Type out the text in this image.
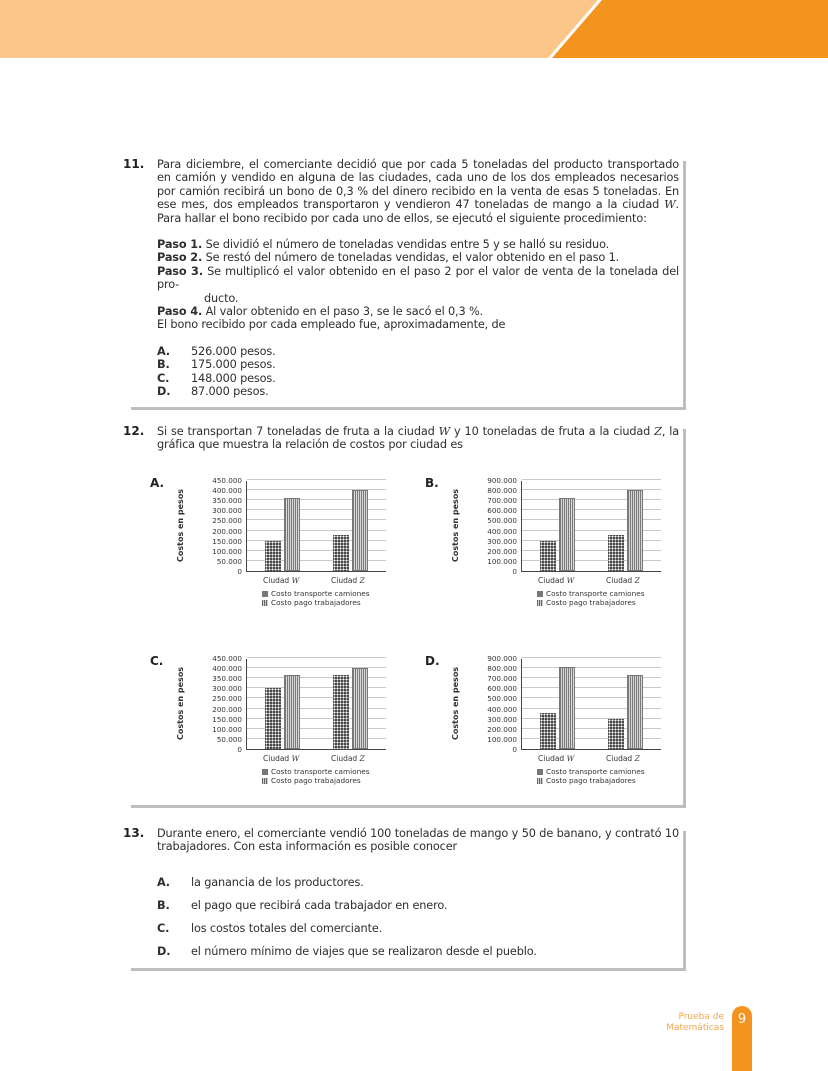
11. Para diciembre, el comerciante decidió que por cada 5 toneladas del producto transportado en camión y vendido en alguna de las ciudades, cada uno de los dos empleados necesarios por camión recibirá un bono de 0,3 % del dinero recibido en la venta de esas 5 toneladas. En ese mes, dos empleados transportaron y vendieron 47 toneladas de mango a la ciudad W. Para hallar el bono recibido por cada uno de ellos, se ejecutó el siguiente procedimiento:
Paso 1. Se dividió el número de toneladas vendidas entre 5 y se halló su residuo.
Paso 2. Se restó del número de toneladas vendidas, el valor obtenido en el paso 1.
Paso 3. Se multiplicó el valor obtenido en el paso 2 por el valor de venta de la tonelada del pro-
ducto.
Paso 4. Al valor obtenido en el paso 3, se le sacó el 0,3 %.
El bono recibido por cada empleado fue, aproximadamente, de
A.	526.000 pesos.
B.	175.000 pesos.
C.	148.000 pesos.
D.	87.000 pesos.
12. Si se transportan 7 toneladas de fruta a la ciudad W y 10 toneladas de fruta a la ciudad Z, la gráfica que muestra la relación de costos por ciudad es
A.
Costos en pesos
450.000
400.000
350.000
300.000
250.000
200.000
150.000
100.000
50.000
0
Ciudad W	Ciudad Z
Costo transporte camiones
Costo pago trabajadores
B.
Costos en pesos
900.000
800.000
700.000
600.000
500.000
400.000
300.000
200.000
100.000
0
Ciudad W	Ciudad Z
Costo transporte camiones
Costo pago trabajadores
C.
Costos en pesos
450.000
400.000
350.000
300.000
250.000
200.000
150.000
100.000
50.000
0
Ciudad W	Ciudad Z
Costo transporte camiones
Costo pago trabajadores
D.
Costos en pesos
900.000
800.000
700.000
600.000
500.000
400.000
300.000
200.000
100.000
0
Ciudad W	Ciudad Z
Costo transporte camiones
Costo pago trabajadores
13. Durante enero, el comerciante vendió 100 toneladas de mango y 50 de banano, y contrató 10 trabajadores. Con esta información es posible conocer
A.	la ganancia de los productores.
B.	el pago que recibirá cada trabajador en enero.
C.	los costos totales del comerciante.
D.	el número mínimo de viajes que se realizaron desde el pueblo.
Prueba de
Matemáticas
9
